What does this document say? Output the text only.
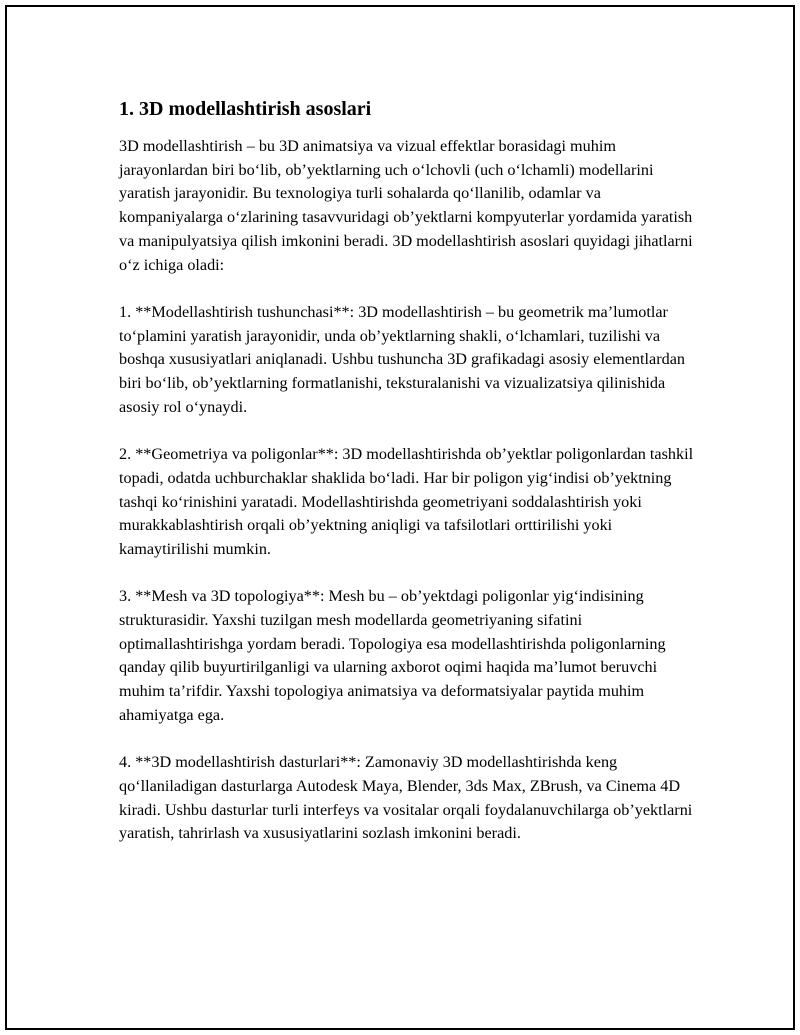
1. 3D modellashtirish asoslari

3D modellashtirish – bu 3D animatsiya va vizual effektlar borasidagi muhim jarayonlardan biri boʻlib, obʼyektlarning uch oʻlchovli (uch oʻlchamli) modellarini yaratish jarayonidir. Bu texnologiya turli sohalarda qoʻllanilib, odamlar va kompaniyalarga oʻzlarining tasavvuridagi obʼyektlarni kompyuterlar yordamida yaratish va manipulyatsiya qilish imkonini beradi. 3D modellashtirish asoslari quyidagi jihatlarni oʻz ichiga oladi:

1. **Modellashtirish tushunchasi**: 3D modellashtirish – bu geometrik maʼlumotlar toʻplamini yaratish jarayonidir, unda obʼyektlarning shakli, oʻlchamlari, tuzilishi va boshqa xususiyatlari aniqlanadi. Ushbu tushuncha 3D grafikadagi asosiy elementlardan biri boʻlib, obʼyektlarning formatlanishi, teksturalanishi va vizualizatsiya qilinishida asosiy rol oʻynaydi.

2. **Geometriya va poligonlar**: 3D modellashtirishda obʼyektlar poligonlardan tashkil topadi, odatda uchburchaklar shaklida boʻladi. Har bir poligon yigʻindisi obʼyektning tashqi koʻrinishini yaratadi. Modellashtirishda geometriyani soddalashtirish yoki murakkablashtirish orqali obʼyektning aniqligi va tafsilotlari orttirilishi yoki kamaytirilishi mumkin.

3. **Mesh va 3D topologiya**: Mesh bu – obʼyektdagi poligonlar yigʻindisining strukturasidir. Yaxshi tuzilgan mesh modellarda geometriyaning sifatini optimallashtirishga yordam beradi. Topologiya esa modellashtirishda poligonlarning qanday qilib buyurtirilganligi va ularning axborot oqimi haqida maʼlumot beruvchi muhim taʼrifdir. Yaxshi topologiya animatsiya va deformatsiyalar paytida muhim ahamiyatga ega.

4. **3D modellashtirish dasturlari**: Zamonaviy 3D modellashtirishda keng qoʻllaniladigan dasturlarga Autodesk Maya, Blender, 3ds Max, ZBrush, va Cinema 4D kiradi. Ushbu dasturlar turli interfeys va vositalar orqali foydalanuvchilarga obʼyektlarni yaratish, tahrirlash va xususiyatlarini sozlash imkonini beradi.
